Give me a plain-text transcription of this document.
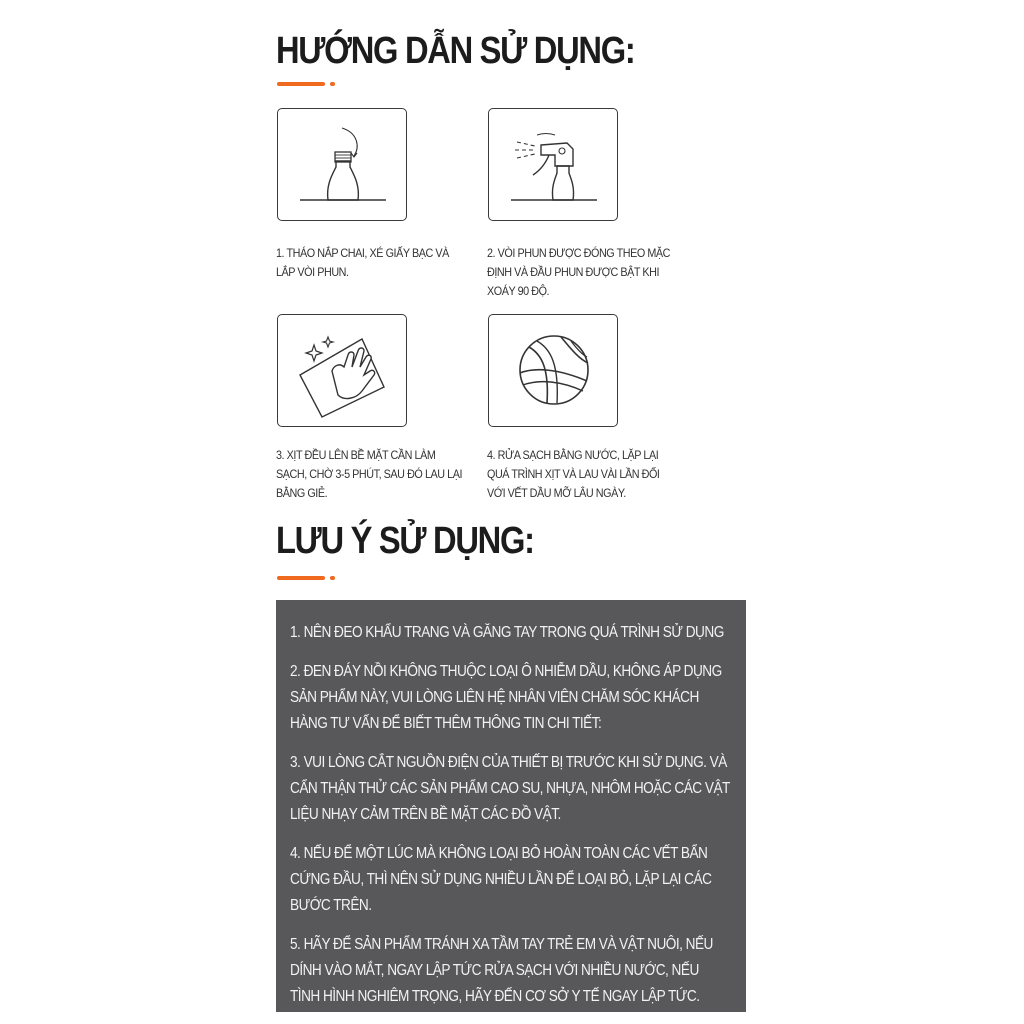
HƯỚNG DẪN SỬ DỤNG:

1. THÁO NẮP CHAI, XÉ GIẤY BẠC VÀ LẮP VÒI PHUN.

2. VÒI PHUN ĐƯỢC ĐÓNG THEO MẶC ĐỊNH VÀ ĐẦU PHUN ĐƯỢC BẬT KHI XOÁY 90 ĐỘ.

3. XỊT ĐỀU LÊN BỀ MẶT CẦN LÀM SẠCH, CHỜ 3-5 PHÚT, SAU ĐÓ LAU LẠI BẰNG GIẺ.

4. RỬA SẠCH BẰNG NƯỚC, LẶP LẠI QUÁ TRÌNH XỊT VÀ LAU VÀI LẦN ĐỐI VỚI VẾT DẦU MỠ LÂU NGÀY.

LƯU Ý SỬ DỤNG:

1. NÊN ĐEO KHẨU TRANG VÀ GĂNG TAY TRONG QUÁ TRÌNH SỬ DỤNG

2. ĐEN ĐÁY NỒI KHÔNG THUỘC LOẠI Ô NHIỄM DẦU, KHÔNG ÁP DỤNG SẢN PHẨM NÀY, VUI LÒNG LIÊN HỆ NHÂN VIÊN CHĂM SÓC KHÁCH HÀNG TƯ VẤN ĐỂ BIẾT THÊM THÔNG TIN CHI TIẾT:

3. VUI LÒNG CẮT NGUỒN ĐIỆN CỦA THIẾT BỊ TRƯỚC KHI SỬ DỤNG. VÀ CẨN THẬN THỬ CÁC SẢN PHẨM CAO SU, NHỰA, NHÔM HOẶC CÁC VẬT LIỆU NHẠY CẢM TRÊN BỀ MẶT CÁC ĐỒ VẬT.

4. NẾU ĐỂ MỘT LÚC MÀ KHÔNG LOẠI BỎ HOÀN TOÀN CÁC VẾT BẨN CỨNG ĐẦU, THÌ NÊN SỬ DỤNG NHIỀU LẦN ĐỂ LOẠI BỎ, LẶP LẠI CÁC BƯỚC TRÊN.

5. HÃY ĐỂ SẢN PHẨM TRÁNH XA TẦM TAY TRẺ EM VÀ VẬT NUÔI, NẾU DÍNH VÀO MẮT, NGAY LẬP TỨC RỬA SẠCH VỚI NHIỀU NƯỚC, NẾU TÌNH HÌNH NGHIÊM TRỌNG, HÃY ĐẾN CƠ SỞ Y TẾ NGAY LẬP TỨC.
